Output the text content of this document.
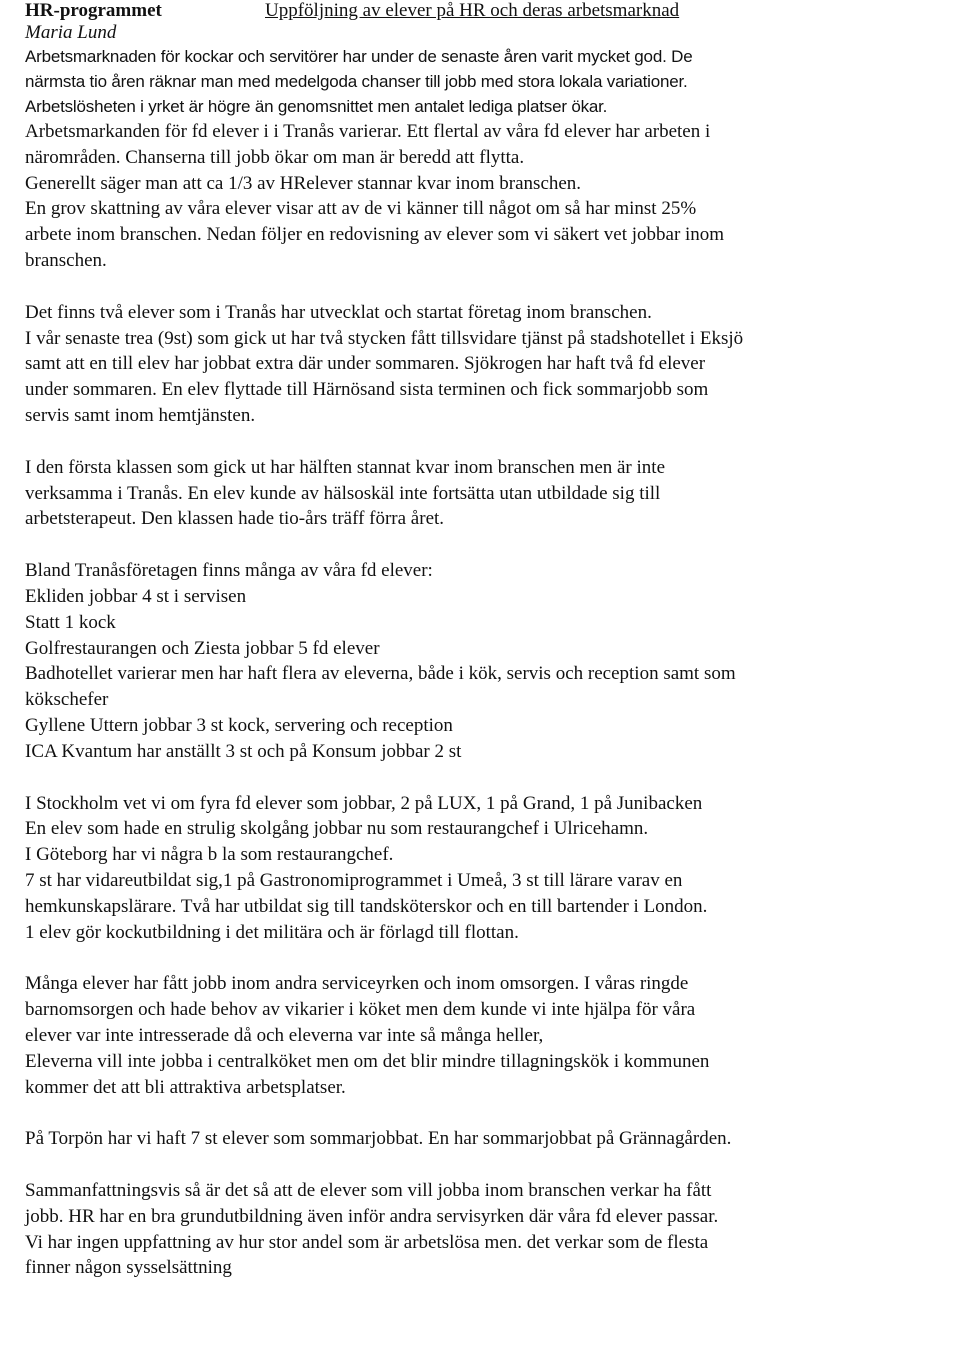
HR-programmet	Uppföljning av elever på HR och deras arbetsmarknad
Maria Lund
Arbetsmarknaden för kockar och servitörer har under de senaste åren varit mycket god. De
närmsta tio åren räknar man med medelgoda chanser till jobb med stora lokala variationer.
Arbetslösheten i yrket är högre än genomsnittet men antalet lediga platser ökar.
Arbetsmarkanden för fd elever i i Tranås varierar. Ett flertal av våra fd elever har arbeten i
närområden. Chanserna till jobb ökar om man är beredd att flytta.
Generellt säger man att ca 1/3 av HRelever stannar kvar inom branschen.
En grov skattning av våra elever visar att av de vi känner till något om så har minst 25%
arbete inom branschen. Nedan följer en redovisning av elever som vi säkert vet jobbar inom
branschen.
Det finns två elever som i Tranås har utvecklat och startat företag inom branschen.
I vår senaste trea (9st) som gick ut har två stycken fått tillsvidare tjänst på stadshotellet i Eksjö
samt att en till elev har jobbat extra där under sommaren. Sjökrogen har haft två fd elever
under sommaren. En elev flyttade till Härnösand sista terminen och fick sommarjobb som
servis samt inom hemtjänsten.
I den första klassen som gick ut har hälften stannat kvar inom branschen men är inte
verksamma i Tranås. En elev kunde av hälsoskäl inte fortsätta utan utbildade sig till
arbetsterapeut. Den klassen hade tio-års träff förra året.
Bland Tranåsföretagen finns många av våra fd elever:
Ekliden jobbar 4 st i servisen
Statt 1 kock
Golfrestaurangen och Ziesta jobbar 5 fd elever
Badhotellet varierar men har haft flera av eleverna, både i kök, servis och reception samt som
kökschefer
Gyllene Uttern jobbar 3 st kock, servering och reception
ICA Kvantum har anställt 3 st och på Konsum jobbar 2 st
I Stockholm vet vi om fyra fd elever som jobbar, 2 på LUX, 1 på Grand, 1 på Junibacken
En elev som hade en strulig skolgång jobbar nu som restaurangchef i Ulricehamn.
I Göteborg har vi några b la som restaurangchef.
7 st har vidareutbildat sig,1 på Gastronomiprogrammet i Umeå, 3 st till lärare varav en
hemkunskapslärare. Två har utbildat sig till tandsköterskor och en till bartender i London.
1 elev gör kockutbildning i det militära och är förlagd till flottan.
Många elever har fått jobb inom andra serviceyrken och inom omsorgen. I våras ringde
barnomsorgen och hade behov av vikarier i köket men dem kunde vi inte hjälpa för våra
elever var inte intresserade då och eleverna var inte så många heller,
Eleverna vill inte jobba i centralköket men om det blir mindre tillagningskök i kommunen
kommer det att bli attraktiva arbetsplatser.
På Torpön har vi haft 7 st elever som sommarjobbat. En har sommarjobbat på Grännagården.
Sammanfattningsvis så är det så att de elever som vill jobba inom branschen verkar ha fått
jobb. HR har en bra grundutbildning även inför andra servisyrken där våra fd elever passar.
Vi har ingen uppfattning av hur stor andel som är arbetslösa men. det verkar som de flesta
finner någon sysselsättning
